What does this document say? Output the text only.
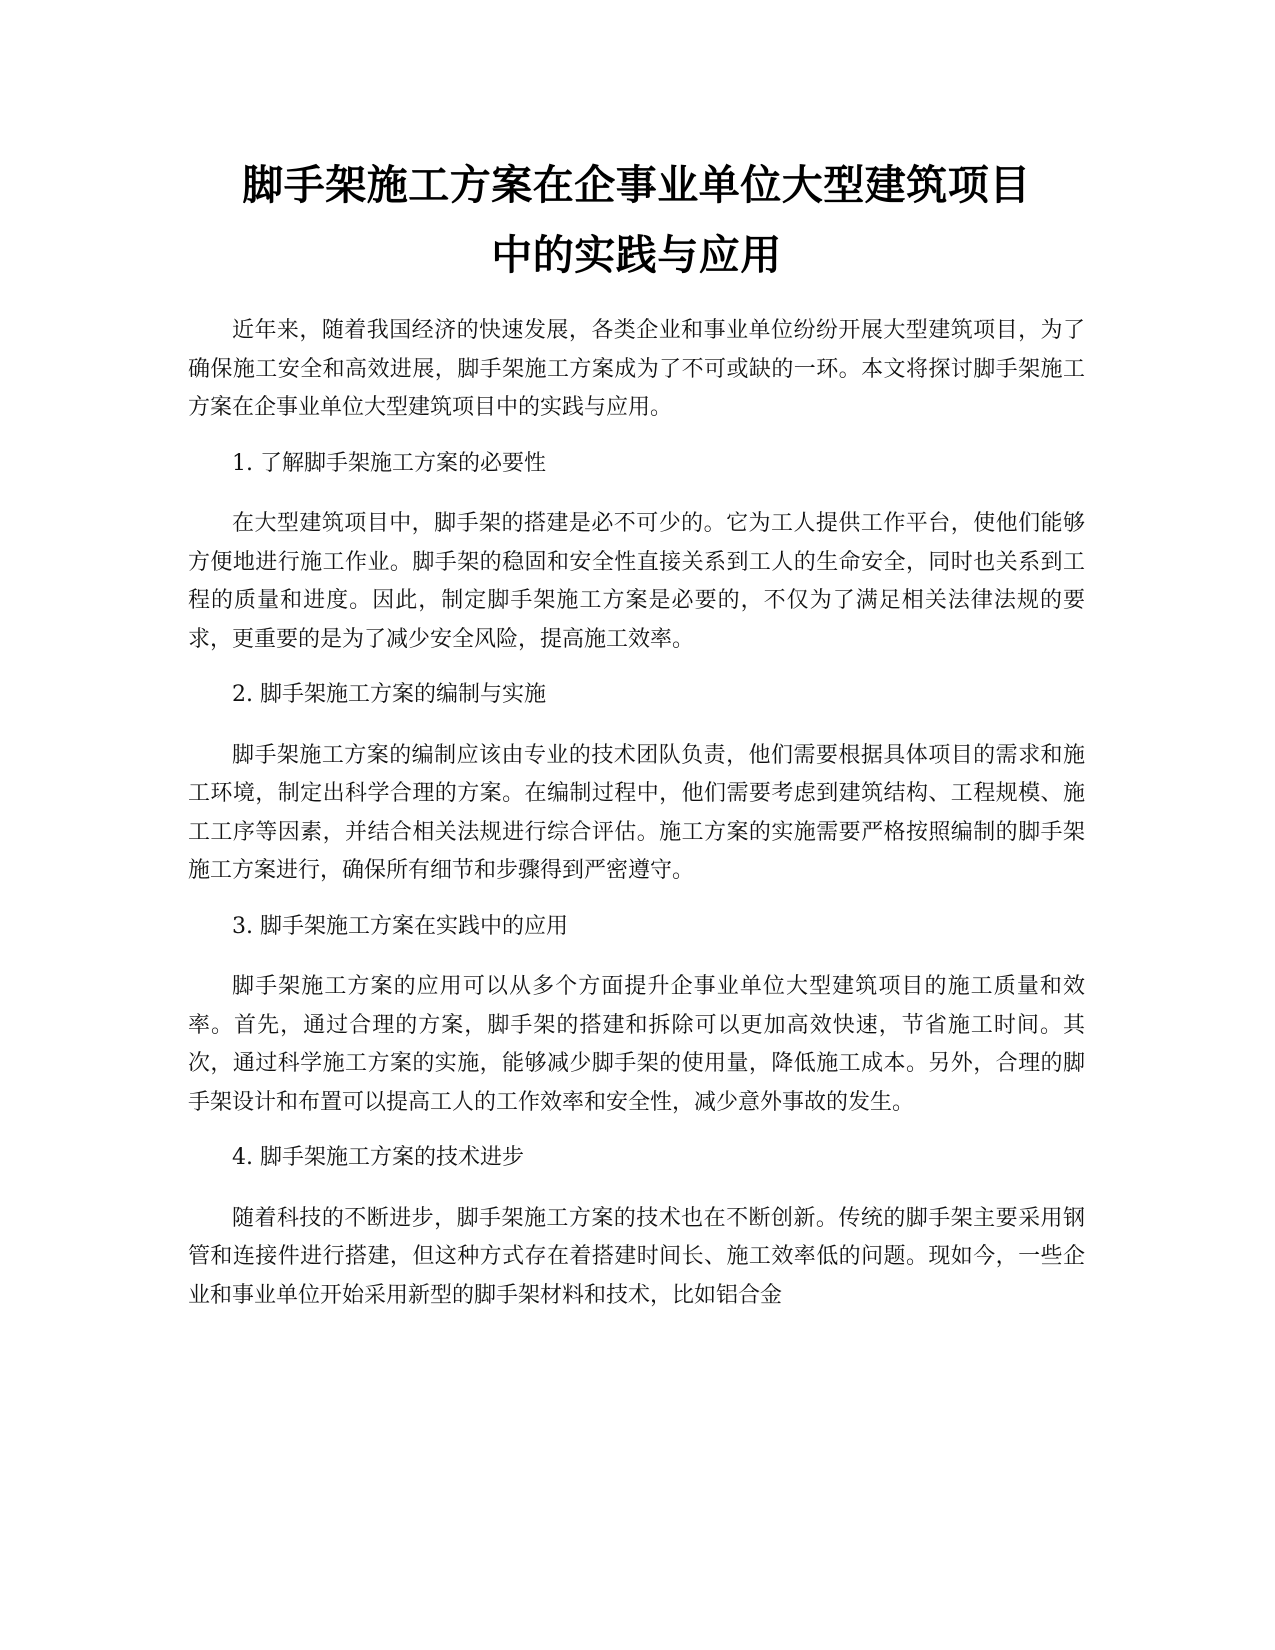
脚手架施工方案在企事业单位大型建筑项目
中的实践与应用

近年来，随着我国经济的快速发展，各类企业和事业单位纷纷开展大型建筑项目，为了确保施工安全和高效进展，脚手架施工方案成为了不可或缺的一环。本文将探讨脚手架施工方案在企事业单位大型建筑项目中的实践与应用。

1. 了解脚手架施工方案的必要性

在大型建筑项目中，脚手架的搭建是必不可少的。它为工人提供工作平台，使他们能够方便地进行施工作业。脚手架的稳固和安全性直接关系到工人的生命安全，同时也关系到工程的质量和进度。因此，制定脚手架施工方案是必要的，不仅为了满足相关法律法规的要求，更重要的是为了减少安全风险，提高施工效率。

2. 脚手架施工方案的编制与实施

脚手架施工方案的编制应该由专业的技术团队负责，他们需要根据具体项目的需求和施工环境，制定出科学合理的方案。在编制过程中，他们需要考虑到建筑结构、工程规模、施工工序等因素，并结合相关法规进行综合评估。施工方案的实施需要严格按照编制的脚手架施工方案进行，确保所有细节和步骤得到严密遵守。

3. 脚手架施工方案在实践中的应用

脚手架施工方案的应用可以从多个方面提升企事业单位大型建筑项目的施工质量和效率。首先，通过合理的方案，脚手架的搭建和拆除可以更加高效快速，节省施工时间。其次，通过科学施工方案的实施，能够减少脚手架的使用量，降低施工成本。另外，合理的脚手架设计和布置可以提高工人的工作效率和安全性，减少意外事故的发生。

4. 脚手架施工方案的技术进步

随着科技的不断进步，脚手架施工方案的技术也在不断创新。传统的脚手架主要采用钢管和连接件进行搭建，但这种方式存在着搭建时间长、施工效率低的问题。现如今，一些企业和事业单位开始采用新型的脚手架材料和技术，比如铝合金
